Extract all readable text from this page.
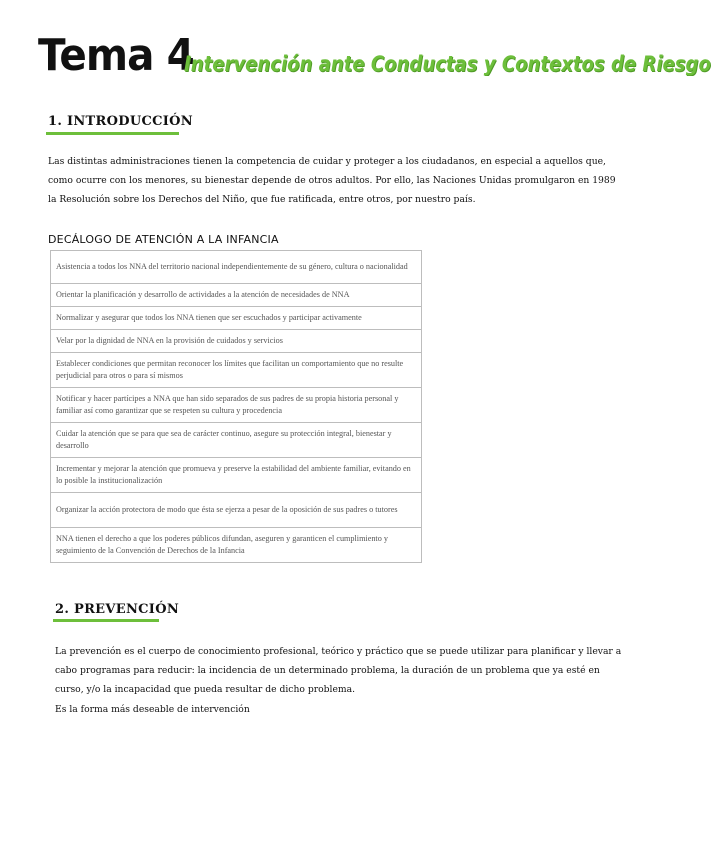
Tema 4
Intervención ante Conductas y Contextos de Riesgo
1. INTRODUCCIÓN

Las distintas administraciones tienen la competencia de cuidar y proteger a los ciudadanos, en especial a aquellos que, como ocurre con los menores, su bienestar depende de otros adultos. Por ello, las Naciones Unidas promulgaron en 1989 la Resolución sobre los Derechos del Niño, que fue ratificada, entre otros, por nuestro país.

DECÁLOGO DE ATENCIÓN A LA INFANCIA
Asistencia a todos los NNA del territorio nacional independientemente de su género, cultura o nacionalidad
Orientar la planificación y desarrollo de actividades a la atención de necesidades de NNA
Normalizar y asegurar que todos los NNA tienen que ser escuchados y participar activamente
Velar por la dignidad de NNA en la provisión de cuidados y servicios
Establecer condiciones que permitan reconocer los límites que facilitan un comportamiento que no resulte perjudicial para otros o para sí mismos
Notificar y hacer partícipes a NNA que han sido separados de sus padres de su propia historia personal y familiar así como garantizar que se respeten su cultura y procedencia
Cuidar la atención que se para que sea de carácter continuo, asegure su protección integral, bienestar y desarrollo
Incrementar y mejorar la atención que promueva y preserve la estabilidad del ambiente familiar, evitando en lo posible la institucionalización
Organizar la acción protectora de modo que ésta se ejerza a pesar de la oposición de sus padres o tutores
NNA tienen el derecho a que los poderes públicos difundan, aseguren y garanticen el cumplimiento y seguimiento de la Convención de Derechos de la Infancia
2. PREVENCIÓN

La prevención es el cuerpo de conocimiento profesional, teórico y práctico que se puede utilizar para planificar y llevar a cabo programas para reducir: la incidencia de un determinado problema, la duración de un problema que ya esté en curso, y/o la incapacidad que pueda resultar de dicho problema.

Es la forma más deseable de intervención
